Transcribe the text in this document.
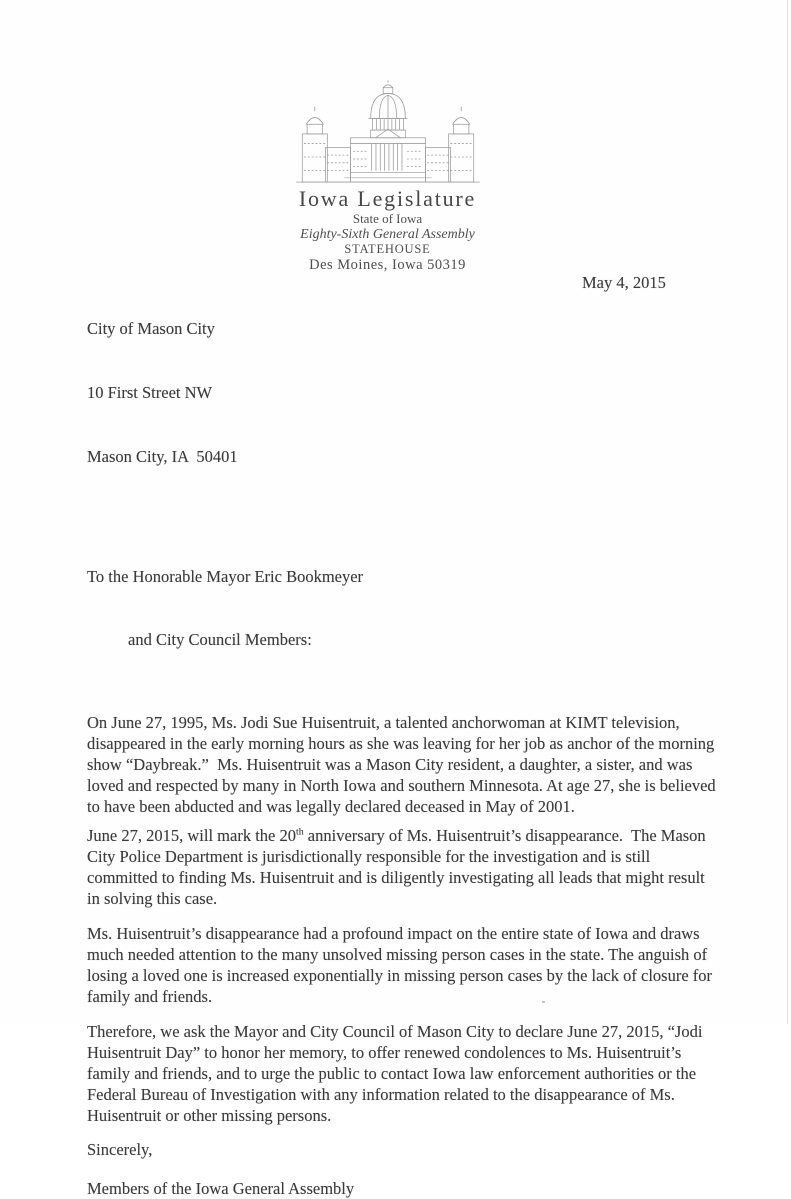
Iowa Legislature
State of Iowa
Eighty-Sixth General Assembly
STATEHOUSE
Des Moines, Iowa 50319
May 4, 2015

City of Mason City

10 First Street NW

Mason City, IA  50401

To the Honorable Mayor Eric Bookmeyer

and City Council Members:

On June 27, 1995, Ms. Jodi Sue Huisentruit, a talented anchorwoman at KIMT television, disappeared in the early morning hours as she was leaving for her job as anchor of the morning show “Daybreak.”  Ms. Huisentruit was a Mason City resident, a daughter, a sister, and was loved and respected by many in North Iowa and southern Minnesota. At age 27, she is believed to have been abducted and was legally declared deceased in May of 2001.

June 27, 2015, will mark the 20th anniversary of Ms. Huisentruit’s disappearance.  The Mason City Police Department is jurisdictionally responsible for the investigation and is still committed to finding Ms. Huisentruit and is diligently investigating all leads that might result in solving this case.

Ms. Huisentruit’s disappearance had a profound impact on the entire state of Iowa and draws much needed attention to the many unsolved missing person cases in the state. The anguish of losing a loved one is increased exponentially in missing person cases by the lack of closure for family and friends.

Therefore, we ask the Mayor and City Council of Mason City to declare June 27, 2015, “Jodi Huisentruit Day” to honor her memory, to offer renewed condolences to Ms. Huisentruit’s family and friends, and to urge the public to contact Iowa law enforcement authorities or the Federal Bureau of Investigation with any information related to the disappearance of Ms. Huisentruit or other missing persons.

Sincerely,

Members of the Iowa General Assembly
